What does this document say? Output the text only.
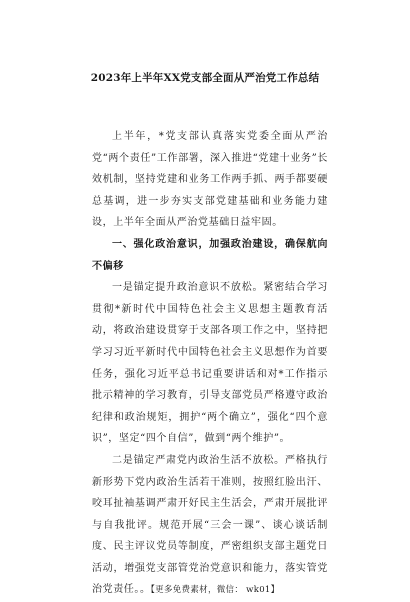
2023年上半年XX党支部全面从严治党工作总结

上半年，*党支部认真落实党委全面从严治党“两个责任”工作部署，深入推进“党建十业务”长效机制，坚持党建和业务工作两手抓、两手都要硬总基调，进一步夯实支部党建基础和业务能力建设，上半年全面从严治党基础日益牢固。

一、强化政治意识，加强政治建设，确保航向不偏移

一是锚定提升政治意识不放松。紧密结合学习贯彻*新时代中国特色社会主义思想主题教育活动，将政治建设贯穿于支部各项工作之中，坚持把学习习近平新时代中国特色社会主义思想作为首要任务，强化习近平总书记重要讲话和对*工作指示批示精神的学习教育，引导支部党员严格遵守政治纪律和政治规矩，拥护“两个确立”，强化“四个意识”，坚定“四个自信”，做到“两个维护”。

二是锚定严肃党内政治生活不放松。严格执行新形势下党内政治生活若干准则，按照红脸出汗、咬耳扯袖基调严肃开好民主生活会，严肃开展批评与自我批评。规范开展“三会一课”、谈心谈话制度、民主评议党员等制度，严密组织支部主题党日活动，增强党支部管党治党意识和能力，落实管党治党责任。。【更多免费素材，微信： wk01】
